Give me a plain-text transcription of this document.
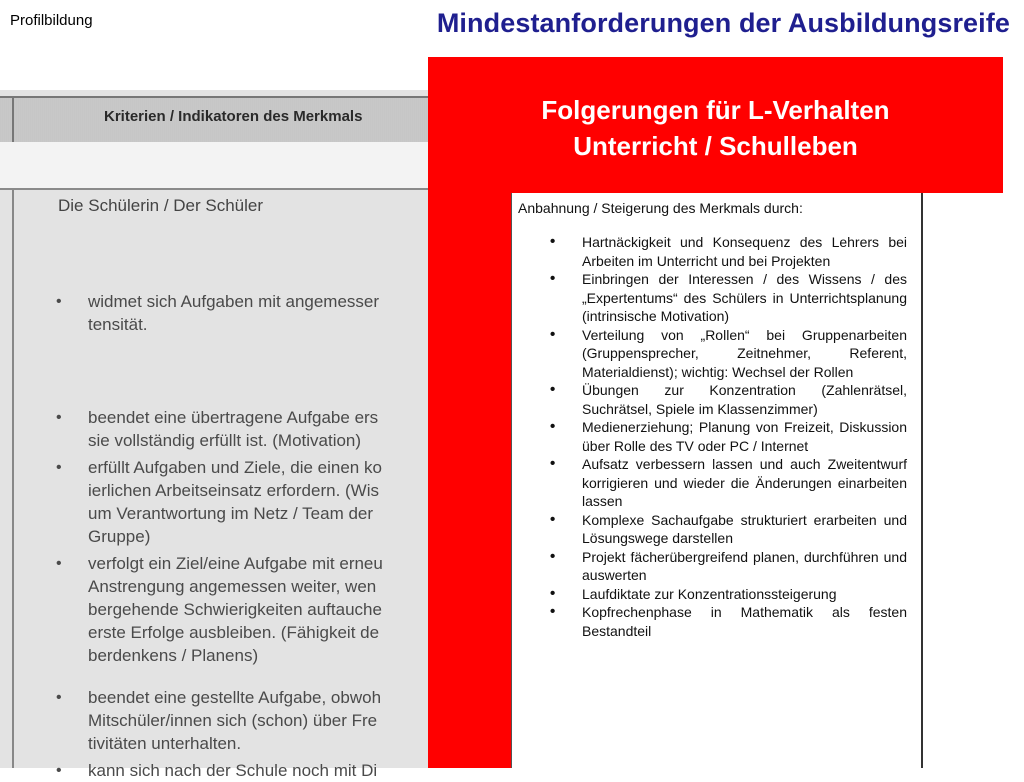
Profilbildung	Mindestanforderungen der Ausbildungsreife
Kriterien / Indikatoren des Merkmals
Die Schülerin / Der Schüler
• widmet sich Aufgaben mit angemesser
tensität.
• beendet eine übertragene Aufgabe ers
sie vollständig erfüllt ist. (Motivation)
• erfüllt Aufgaben und Ziele, die einen ko
ierlichen Arbeitseinsatz erfordern. (Wis
um Verantwortung im Netz / Team der
Gruppe)
• verfolgt ein Ziel/eine Aufgabe mit erneu
Anstrengung angemessen weiter, wen
bergehende Schwierigkeiten auftauche
erste Erfolge ausbleiben. (Fähigkeit de
berdenkens / Planens)
• beendet eine gestellte Aufgabe, obwoh
Mitschüler/innen sich (schon) über Fre
tivitäten unterhalten.
• kann sich nach der Schule noch mit Di
Folgerungen für L-Verhalten
Unterricht / Schulleben
Anbahnung / Steigerung des Merkmals durch:
• Hartnäckigkeit und Konsequenz des Lehrers bei Arbeiten im Unterricht und bei Projekten
• Einbringen der Interessen / des Wissens / des „Expertentums“ des Schülers in Unterrichtsplanung (intrinsische Motivation)
• Verteilung von „Rollen“ bei Gruppenarbeiten (Gruppensprecher, Zeitnehmer, Referent, Materialdienst); wichtig: Wechsel der Rollen
• Übungen zur Konzentration (Zahlenrätsel, Suchrätsel, Spiele im Klassenzimmer)
• Medienerziehung; Planung von Freizeit, Diskussion über Rolle des TV oder PC / Internet
• Aufsatz verbessern lassen und auch Zweitentwurf korrigieren und wieder die Änderungen einarbeiten lassen
• Komplexe Sachaufgabe strukturiert erarbeiten und Lösungswege darstellen
• Projekt fächerübergreifend planen, durchführen und auswerten
• Laufdiktate zur Konzentrationssteigerung
• Kopfrechenphase in Mathematik als festen Bestandteil
